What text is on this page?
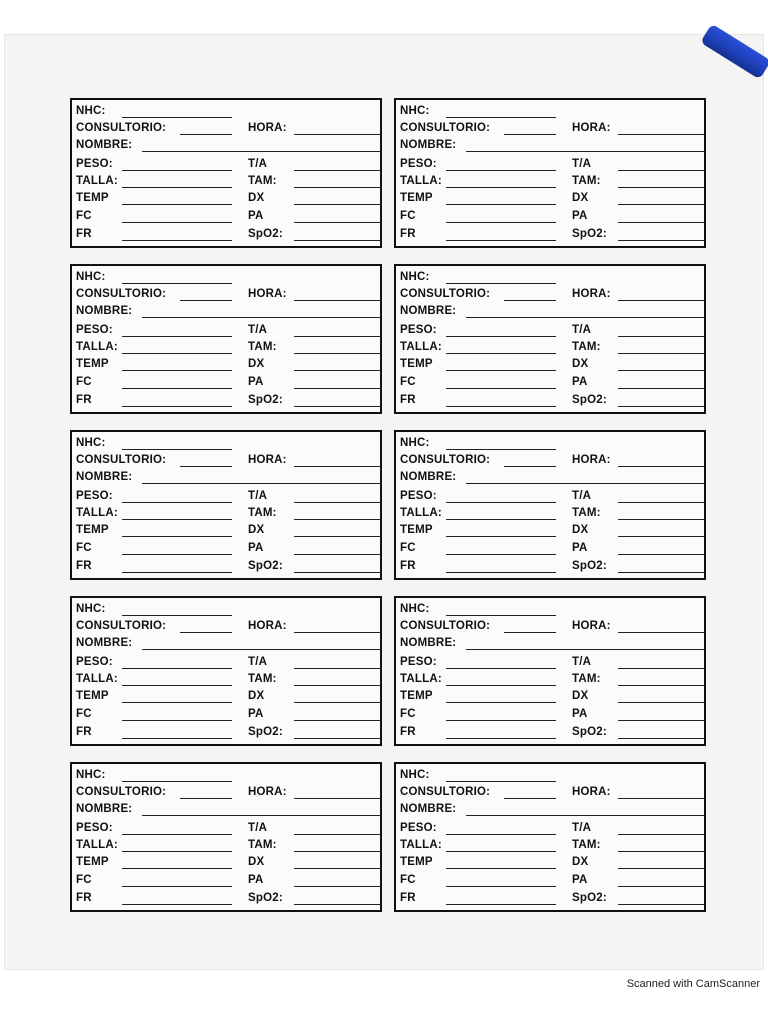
NHC:
CONSULTORIO:	HORA:
NOMBRE:
PESO:	T/A
TALLA:	TAM:
TEMP	DX
FC	PA
FR	SpO2:
NHC:
CONSULTORIO:	HORA:
NOMBRE:
PESO:	T/A
TALLA:	TAM:
TEMP	DX
FC	PA
FR	SpO2:
NHC:
CONSULTORIO:	HORA:
NOMBRE:
PESO:	T/A
TALLA:	TAM:
TEMP	DX
FC	PA
FR	SpO2:
NHC:
CONSULTORIO:	HORA:
NOMBRE:
PESO:	T/A
TALLA:	TAM:
TEMP	DX
FC	PA
FR	SpO2:
NHC:
CONSULTORIO:	HORA:
NOMBRE:
PESO:	T/A
TALLA:	TAM:
TEMP	DX
FC	PA
FR	SpO2:
NHC:
CONSULTORIO:	HORA:
NOMBRE:
PESO:	T/A
TALLA:	TAM:
TEMP	DX
FC	PA
FR	SpO2:
NHC:
CONSULTORIO:	HORA:
NOMBRE:
PESO:	T/A
TALLA:	TAM:
TEMP	DX
FC	PA
FR	SpO2:
NHC:
CONSULTORIO:	HORA:
NOMBRE:
PESO:	T/A
TALLA:	TAM:
TEMP	DX
FC	PA
FR	SpO2:
NHC:
CONSULTORIO:	HORA:
NOMBRE:
PESO:	T/A
TALLA:	TAM:
TEMP	DX
FC	PA
FR	SpO2:
NHC:
CONSULTORIO:	HORA:
NOMBRE:
PESO:	T/A
TALLA:	TAM:
TEMP	DX
FC	PA
FR	SpO2:
Scanned with CamScanner
